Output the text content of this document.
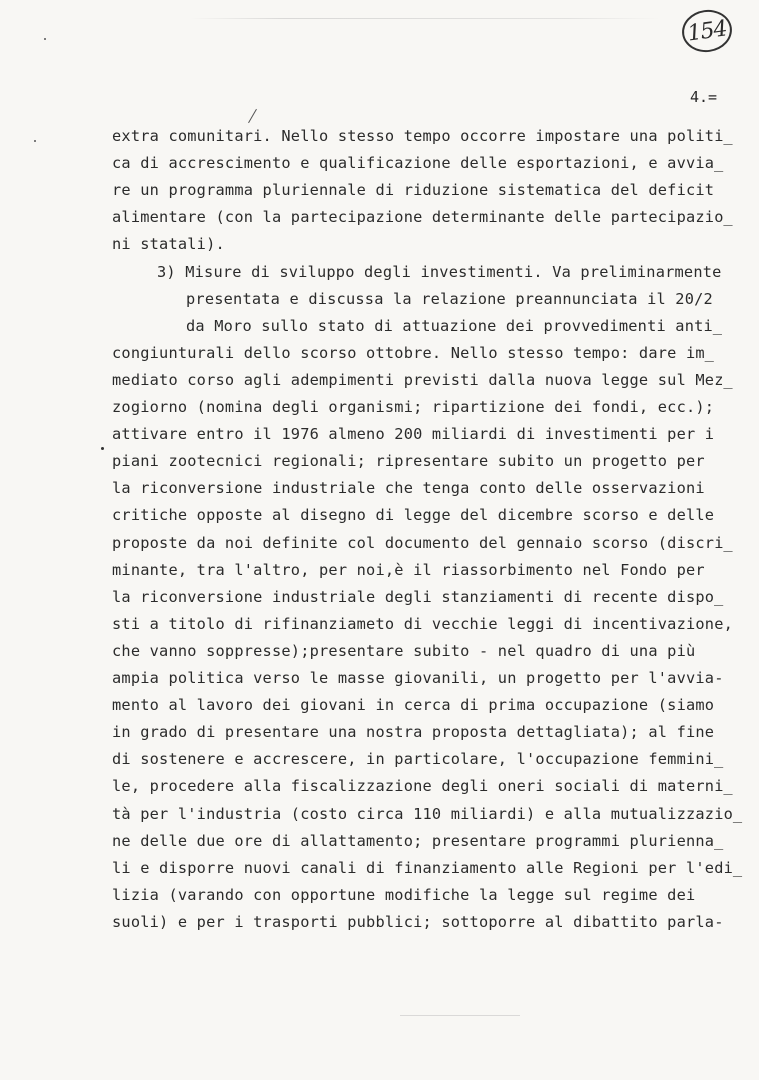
154
4.=
extra comunitari. Nello stesso tempo occorre impostare una politi̲
ca di accrescimento e qualificazione delle esportazioni, e avvia̲
re un programma pluriennale di riduzione sistematica del deficit
alimentare (con la partecipazione determinante delle partecipazio̲
ni statali).
3) Misure di sviluppo degli investimenti. Va preliminarmente
presentata e discussa la relazione preannunciata il 20/2
da Moro sullo stato di attuazione dei provvedimenti anti̲
congiunturali dello scorso ottobre. Nello stesso tempo: dare im̲
mediato corso agli adempimenti previsti dalla nuova legge sul Mez̲
zogiorno (nomina degli organismi; ripartizione dei fondi, ecc.);
attivare entro il 1976 almeno 200 miliardi di investimenti per i
piani zootecnici regionali; ripresentare subito un progetto per
la riconversione industriale che tenga conto delle osservazioni
critiche opposte al disegno di legge del dicembre scorso e delle
proposte da noi definite col documento del gennaio scorso (discri̲
minante, tra l'altro, per noi,è il riassorbimento nel Fondo per
la riconversione industriale degli stanziamenti di recente dispo̲
sti a titolo di rifinanziameto di vecchie leggi di incentivazione,
che vanno soppresse);presentare subito - nel quadro di una più
ampia politica verso le masse giovanili, un progetto per l'avvia-
mento al lavoro dei giovani in cerca di prima occupazione (siamo
in grado di presentare una nostra proposta dettagliata); al fine
di sostenere e accrescere, in particolare, l'occupazione femmini̲
le, procedere alla fiscalizzazione degli oneri sociali di materni̲
tà per l'industria (costo circa 110 miliardi) e alla mutualizzazio̲
ne delle due ore di allattamento; presentare programmi plurienna̲
li e disporre nuovi canali di finanziamento alle Regioni per l'edi̲
lizia (varando con opportune modifiche la legge sul regime dei
suoli) e per i trasporti pubblici; sottoporre al dibattito parla-
